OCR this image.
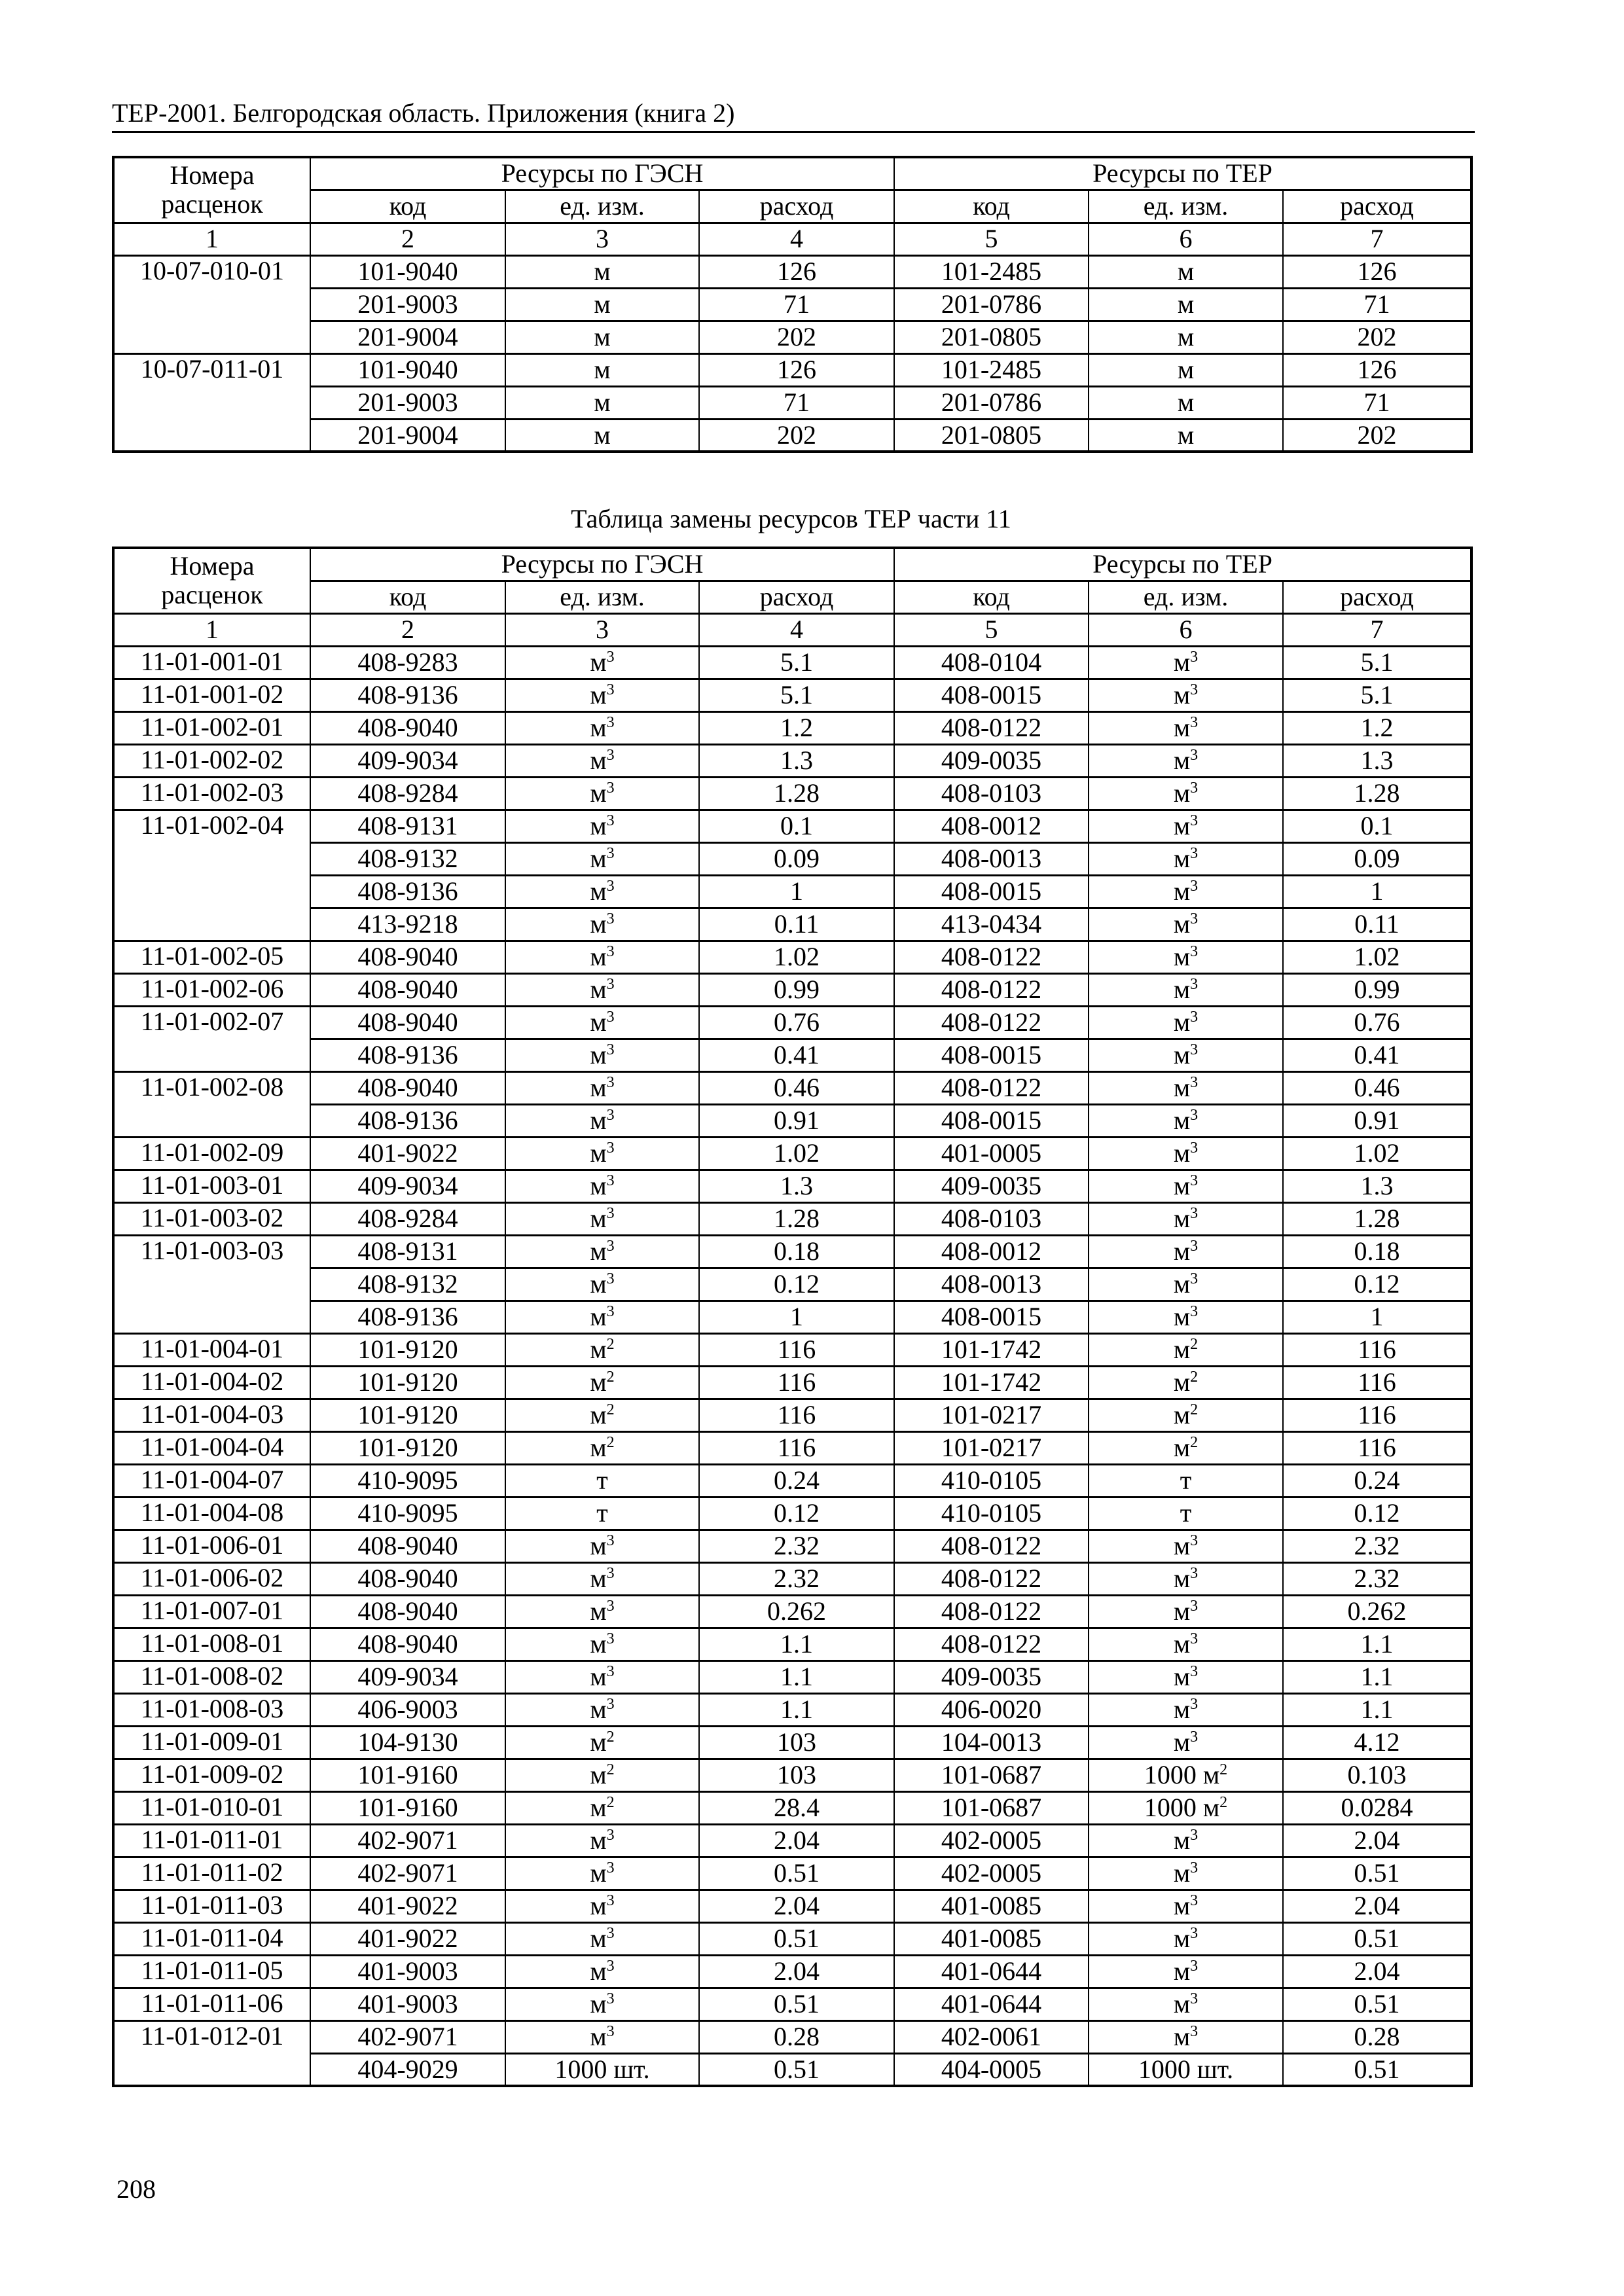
ТЕР-2001. Белгородская область. Приложения (книга 2)
Номера
расценок	Ресурсы по ГЭСН			Ресурсы по ТЕР		
	код	ед. изм.	расход	код	ед. изм.	расход
1	2	3	4	5	6	7
10-07-010-01	101-9040	м	126	101-2485	м	126
	201-9003	м	71	201-0786	м	71
	201-9004	м	202	201-0805	м	202
10-07-011-01	101-9040	м	126	101-2485	м	126
	201-9003	м	71	201-0786	м	71
	201-9004	м	202	201-0805	м	202
Таблица замены ресурсов ТЕР части 11
Номера
расценок	Ресурсы по ГЭСН			Ресурсы по ТЕР		
	код	ед. изм.	расход	код	ед. изм.	расход
1	2	3	4	5	6	7
11-01-001-01	408-9283	$м^3$	5.1	408-0104	$м^3$	5.1
11-01-001-02	408-9136	$м^3$	5.1	408-0015	$м^3$	5.1
11-01-002-01	408-9040	$м^3$	1.2	408-0122	$м^3$	1.2
11-01-002-02	409-9034	$м^3$	1.3	409-0035	$м^3$	1.3
11-01-002-03	408-9284	$м^3$	1.28	408-0103	$м^3$	1.28
11-01-002-04	408-9131	$м^3$	0.1	408-0012	$м^3$	0.1
	408-9132	$м^3$	0.09	408-0013	$м^3$	0.09
	408-9136	$м^3$	1	408-0015	$м^3$	1
	413-9218	$м^3$	0.11	413-0434	$м^3$	0.11
11-01-002-05	408-9040	$м^3$	1.02	408-0122	$м^3$	1.02
11-01-002-06	408-9040	$м^3$	0.99	408-0122	$м^3$	0.99
11-01-002-07	408-9040	$м^3$	0.76	408-0122	$м^3$	0.76
	408-9136	$м^3$	0.41	408-0015	$м^3$	0.41
11-01-002-08	408-9040	$м^3$	0.46	408-0122	$м^3$	0.46
	408-9136	$м^3$	0.91	408-0015	$м^3$	0.91
11-01-002-09	401-9022	$м^3$	1.02	401-0005	$м^3$	1.02
11-01-003-01	409-9034	$м^3$	1.3	409-0035	$м^3$	1.3
11-01-003-02	408-9284	$м^3$	1.28	408-0103	$м^3$	1.28
11-01-003-03	408-9131	$м^3$	0.18	408-0012	$м^3$	0.18
	408-9132	$м^3$	0.12	408-0013	$м^3$	0.12
	408-9136	$м^3$	1	408-0015	$м^3$	1
11-01-004-01	101-9120	$м^2$	116	101-1742	$м^2$	116
11-01-004-02	101-9120	$м^2$	116	101-1742	$м^2$	116
11-01-004-03	101-9120	$м^2$	116	101-0217	$м^2$	116
11-01-004-04	101-9120	$м^2$	116	101-0217	$м^2$	116
11-01-004-07	410-9095	т	0.24	410-0105	т	0.24
11-01-004-08	410-9095	т	0.12	410-0105	т	0.12
11-01-006-01	408-9040	$м^3$	2.32	408-0122	$м^3$	2.32
11-01-006-02	408-9040	$м^3$	2.32	408-0122	$м^3$	2.32
11-01-007-01	408-9040	$м^3$	0.262	408-0122	$м^3$	0.262
11-01-008-01	408-9040	$м^3$	1.1	408-0122	$м^3$	1.1
11-01-008-02	409-9034	$м^3$	1.1	409-0035	$м^3$	1.1
11-01-008-03	406-9003	$м^3$	1.1	406-0020	$м^3$	1.1
11-01-009-01	104-9130	$м^2$	103	104-0013	$м^3$	4.12
11-01-009-02	101-9160	$м^2$	103	101-0687	1000 $м^2$	0.103
11-01-010-01	101-9160	$м^2$	28.4	101-0687	1000 $м^2$	0.0284
11-01-011-01	402-9071	$м^3$	2.04	402-0005	$м^3$	2.04
11-01-011-02	402-9071	$м^3$	0.51	402-0005	$м^3$	0.51
11-01-011-03	401-9022	$м^3$	2.04	401-0085	$м^3$	2.04
11-01-011-04	401-9022	$м^3$	0.51	401-0085	$м^3$	0.51
11-01-011-05	401-9003	$м^3$	2.04	401-0644	$м^3$	2.04
11-01-011-06	401-9003	$м^3$	0.51	401-0644	$м^3$	0.51
11-01-012-01	402-9071	$м^3$	0.28	402-0061	$м^3$	0.28
	404-9029	1000 шт.	0.51	404-0005	1000 шт.	0.51
208
